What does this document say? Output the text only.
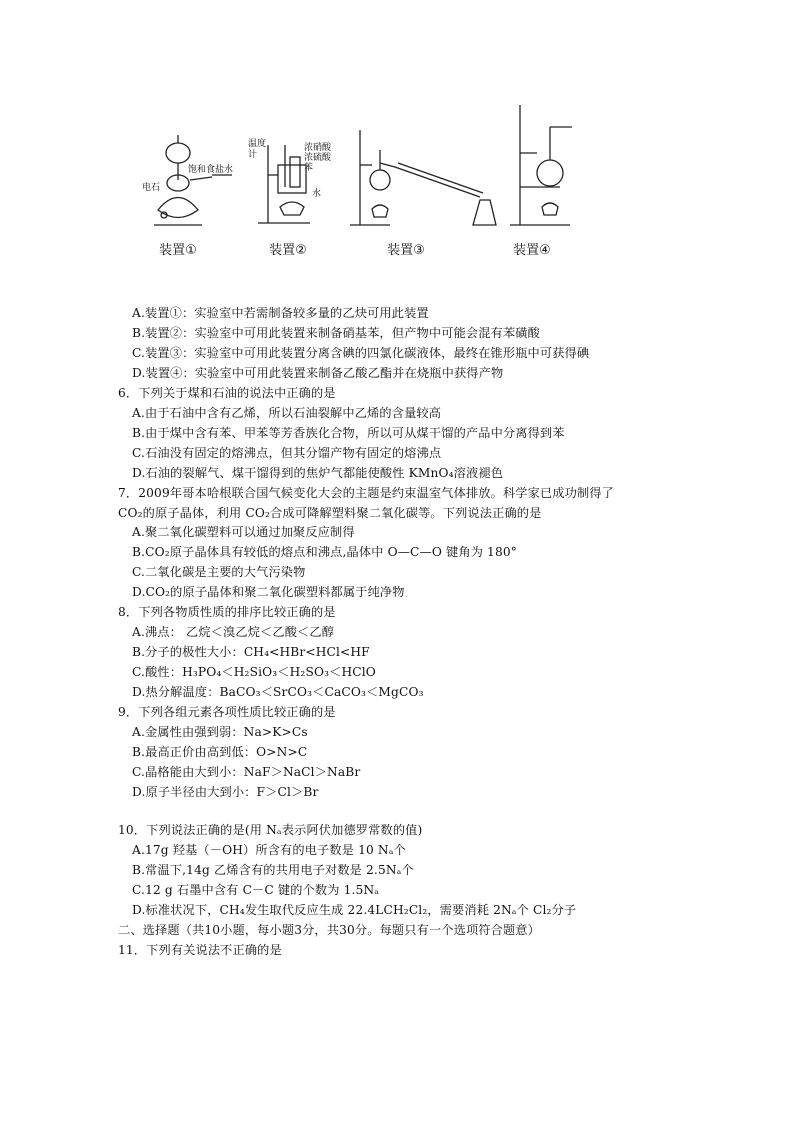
饱和食盐水
电石
温度
计
浓硝酸
浓硫酸
苯
水
装置①	装置②	装置③	装置④
A.装置①：实验室中若需制备较多量的乙炔可用此装置
B.装置②：实验室中可用此装置来制备硝基苯，但产物中可能会混有苯磺酸
C.装置③：实验室中可用此装置分离含碘的四氯化碳液体，最终在锥形瓶中可获得碘
D.装置④：实验室中可用此装置来制备乙酸乙酯并在烧瓶中获得产物
6．下列关于煤和石油的说法中正确的是
A.由于石油中含有乙烯，所以石油裂解中乙烯的含量较高
B.由于煤中含有苯、甲苯等芳香族化合物，所以可从煤干馏的产品中分离得到苯
C.石油没有固定的熔沸点，但其分馏产物有固定的熔沸点
D.石油的裂解气、煤干馏得到的焦炉气都能使酸性 KMnO₄溶液褪色
7．2009年哥本哈根联合国气候变化大会的主题是约束温室气体排放。科学家已成功制得了
CO₂的原子晶体，利用 CO₂合成可降解塑料聚二氧化碳等。下列说法正确的是
A.聚二氧化碳塑料可以通过加聚反应制得
B.CO₂原子晶体具有较低的熔点和沸点,晶体中 O—C—O 键角为 180°
C.二氧化碳是主要的大气污染物
D.CO₂的原子晶体和聚二氧化碳塑料都属于纯净物
8．下列各物质性质的排序比较正确的是
A.沸点： 乙烷＜溴乙烷＜乙酸＜乙醇
B.分子的极性大小：CH₄<HBr<HCl<HF
C.酸性：H₃PO₄＜H₂SiO₃＜H₂SO₃＜HClO
D.热分解温度：BaCO₃＜SrCO₃＜CaCO₃＜MgCO₃
9．下列各组元素各项性质比较正确的是
A.金属性由强到弱：Na>K>Cs
B.最高正价由高到低：O>N>C
C.晶格能由大到小：NaF＞NaCl＞NaBr
D.原子半径由大到小：F＞Cl＞Br
10．下列说法正确的是(用 Nₐ表示阿伏加德罗常数的值)
A.17g 羟基（－OH）所含有的电子数是 10 Nₐ个
B.常温下,14g 乙烯含有的共用电子对数是 2.5Nₐ个
C.12 g 石墨中含有 C－C 键的个数为 1.5Nₐ
D.标准状况下，CH₄发生取代反应生成 22.4LCH₂Cl₂，需要消耗 2Nₐ个 Cl₂分子
二、选择题（共10小题，每小题3分，共30分。每题只有一个选项符合题意）
11．下列有关说法不正确的是
